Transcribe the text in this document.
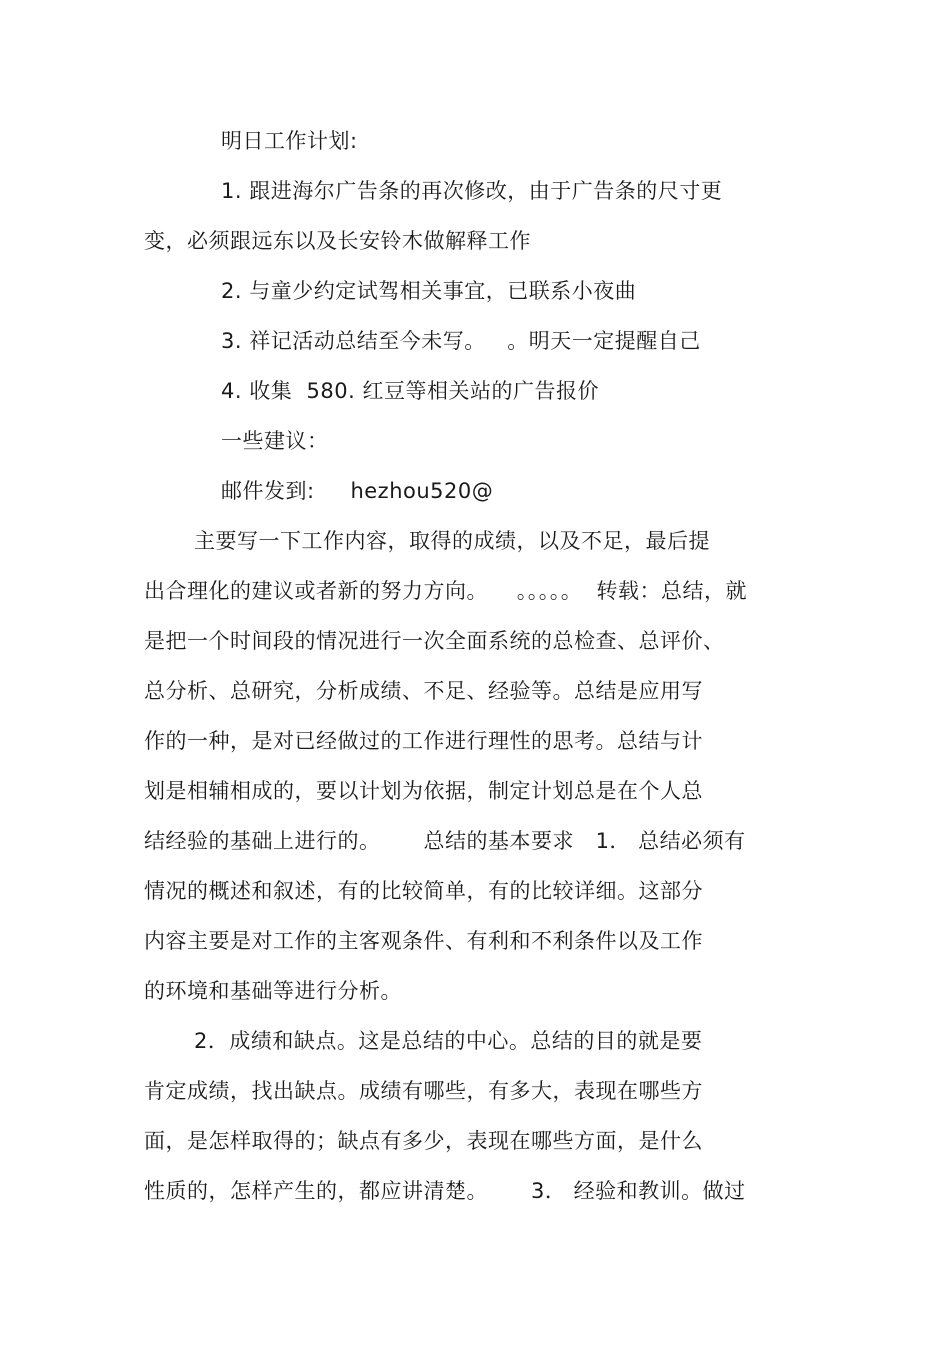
明日工作计划:
1. 跟进海尔广告条的再次修改，由于广告条的尺寸更
变，必须跟远东以及长安铃木做解释工作
2. 与童少约定试驾相关事宜，已联系小夜曲
3. 祥记活动总结至今未写。   。明天一定提醒自己
4. 收集  580. 红豆等相关站的广告报价
一些建议：
邮件发到:     hezhou520@
主要写一下工作内容，取得的成绩，以及不足，最后提
出合理化的建议或者新的努力方向。    。。。。。  转载：总结，就
是把一个时间段的情况进行一次全面系统的总检查、总评价、
总分析、总研究，分析成绩、不足、经验等。总结是应用写
作的一种，是对已经做过的工作进行理性的思考。总结与计
划是相辅相成的，要以计划为依据，制定计划总是在个人总
结经验的基础上进行的。      总结的基本要求   1． 总结必须有
情况的概述和叙述，有的比较简单，有的比较详细。这部分
内容主要是对工作的主客观条件、有利和不利条件以及工作
的环境和基础等进行分析。
2．成绩和缺点。这是总结的中心。总结的目的就是要
肯定成绩，找出缺点。成绩有哪些，有多大，表现在哪些方
面，是怎样取得的；缺点有多少，表现在哪些方面，是什么
性质的，怎样产生的，都应讲清楚。      3． 经验和教训。做过
